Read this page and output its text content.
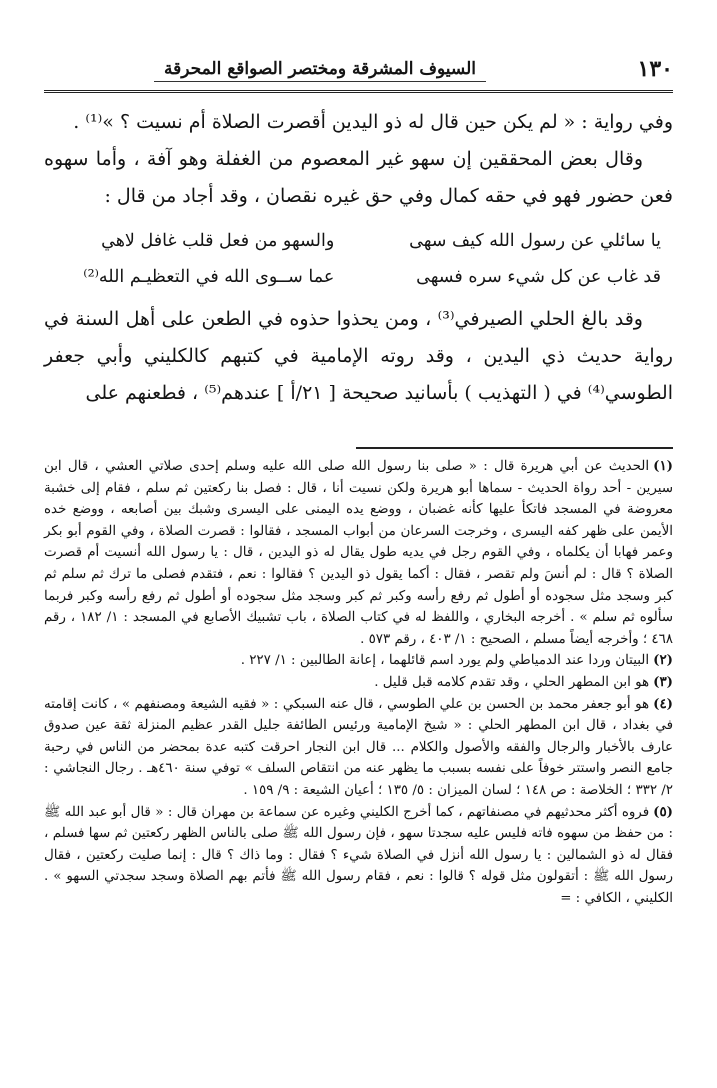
١٣٠
السيوف المشرقة ومختصر الصواقع المحرقة

وفي رواية : « لم يكن حين قال له ذو اليدين أقصرت الصلاة أم نسيت ؟ »⁽¹⁾ .

وقال بعض المحققين إن سهو غير المعصوم من الغفلة وهو آفة ، وأما سهوه فعن حضور فهو في حقه كمال وفي حق غيره نقصان ، وقد أجاد من قال :

يا سائلي عن رسول الله كيف سهى
والسهو من فعل قلب غافل لاهي
قد غاب عن كل شيء سره فسهى
عما ســوى الله في التعظيـم الله⁽²⁾

وقد بالغ الحلي الصيرفي⁽³⁾ ، ومن يحذوا حذوه في الطعن على أهل السنة في رواية حديث ذي اليدين ، وقد روته الإمامية في كتبهم كالكليني وأبي جعفر الطوسي⁽⁴⁾ في ( التهذيب ) بأسانيد صحيحة [ ٢١/أ ] عندهم⁽⁵⁾ ، فطعنهم على

(١)الحديث عن أبي هريرة قال : « صلى بنا رسول الله صلى الله عليه وسلم إحدى صلاتي العشي ، قال ابن سيرين - أحد رواة الحديث - سماها أبو هريرة ولكن نسيت أنا ، قال : فصل بنا ركعتين ثم سلم ، فقام إلى خشبة معروضة في المسجد فاتكأ عليها كأنه غضبان ، ووضع يده اليمنى على اليسرى وشبك بين أصابعه ، ووضع خده الأيمن على ظهر كفه اليسرى ، وخرجت السرعان من أبواب المسجد ، فقالوا : قصرت الصلاة ، وفي القوم أبو بكر وعمر فهابا أن يكلماه ، وفي القوم رجل في يديه طول يقال له ذو اليدين ، قال : يا رسول الله أنسيت أم قصرت الصلاة ؟ قال : لم أنسَ ولم تقصر ، فقال : أكما يقول ذو اليدين ؟ فقالوا : نعم ، فتقدم فصلى ما ترك ثم سلم ثم كبر وسجد مثل سجوده أو أطول ثم رفع رأسه وكبر ثم كبر وسجد مثل سجوده أو أطول ثم رفع رأسه وكبر فربما سألوه ثم سلم » . أخرجه البخاري ، واللفظ له في كتاب الصلاة ، باب تشبيك الأصابع في المسجد : ١/ ١٨٢ ، رقم ٤٦٨ ؛ وأخرجه أيضاً مسلم ، الصحيح : ١/ ٤٠٣ ، رقم ٥٧٣ .

(٢)البيتان وردا عند الدمياطي ولم يورد اسم قائلهما ، إعانة الطالبين : ١/ ٢٢٧ .

(٣)هو ابن المطهر الحلي ، وقد تقدم كلامه قبل قليل .

(٤)هو أبو جعفر محمد بن الحسن بن علي الطوسي ، قال عنه السبكي : « فقيه الشيعة ومصنفهم » ، كانت إقامته في بغداد ، قال ابن المطهر الحلي : « شيخ الإمامية ورئيس الطائفة جليل القدر عظيم المنزلة ثقة عين صدوق عارف بالأخبار والرجال والفقه والأصول والكلام ... قال ابن النجار احرقت كتبه عدة بمحضر من الناس في رحبة جامع النصر واستتر خوفاً على نفسه بسبب ما يظهر عنه من انتقاص السلف » توفي سنة ٤٦٠هـ . رجال النجاشي : ٢/ ٣٣٢ ؛ الخلاصة : ص ١٤٨ ؛ لسان الميزان : ٥/ ١٣٥ ؛ أعيان الشيعة : ٩/ ١٥٩ .

(٥)فروه أكثر محدثيهم في مصنفاتهم ، كما أخرج الكليني وغيره عن سماعة بن مهران قال : « قال أبو عبد الله ﷺ : من حفظ من سهوه فاته فليس عليه سجدتا سهو ، فإن رسول الله ﷺ صلى بالناس الظهر ركعتين ثم سها فسلم ، فقال له ذو الشمالين : يا رسول الله أنزل في الصلاة شيء ؟ فقال : وما ذاك ؟ قال : إنما صليت ركعتين ، فقال رسول الله ﷺ : أتقولون مثل قوله ؟ قالوا : نعم ، فقام رسول الله ﷺ فأتم بهم الصلاة وسجد سجدتي السهو » . الكليني ، الكافي : =
